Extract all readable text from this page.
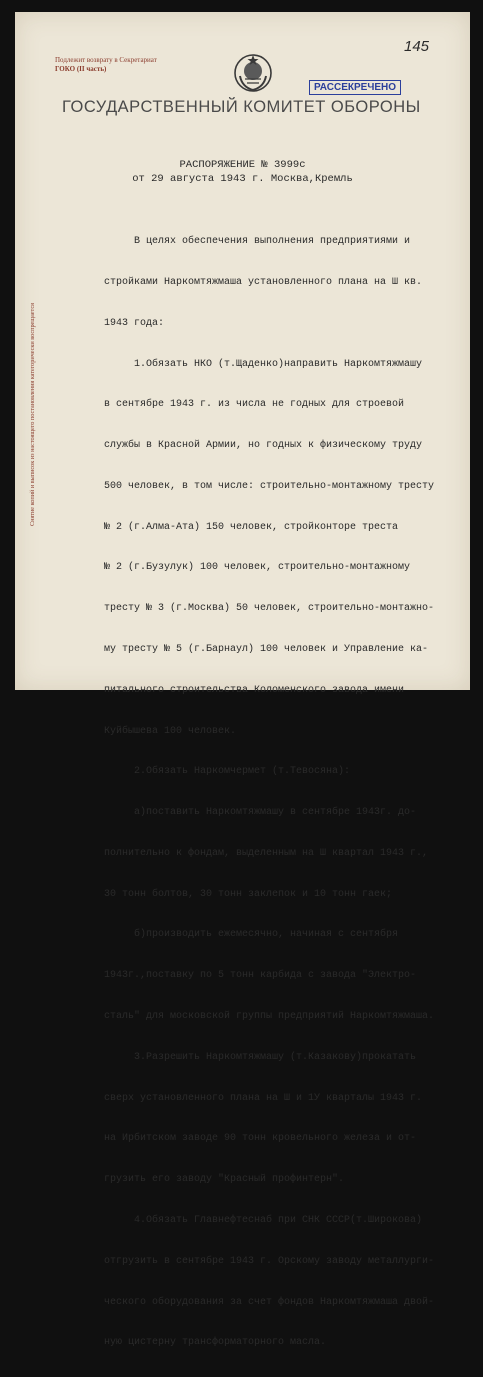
Подлежит возврату в Секретариат
ГОКО (II часть)
145
РАССЕКРЕЧЕНО
ГОСУДАРСТВЕННЫЙ КОМИТЕТ ОБОРОНЫ
Снятие копий и выписок из настоящего постановления категорически воспрещается
РАСПОРЯЖЕНИЕ № 3999с
от 29 августа 1943 г. Москва,Кремль

В целях обеспечения выполнения предприятиями и

стройками Наркомтяжмаша установленного плана на Ш кв.

1943 года:

1.Обязать НКО (т.Щаденко)направить Наркомтяжмашу

в сентябре 1943 г. из числа не годных для строевой

службы в Красной Армии, но годных к физическому труду

500 человек, в том числе: строительно-монтажному тресту

№ 2 (г.Алма-Ата) 150 человек, стройконторе треста

№ 2 (г.Бузулук) 100 человек, строительно-монтажному

тресту № 3 (г.Москва) 50 человек, строительно-монтажно-

му тресту № 5 (г.Барнаул) 100 человек и Управление ка-

питального строительства Коломенского завода имени

Куйбышева 100 человек.

2.Обязать Наркомчермет (т.Тевосяна):

а)поставить Наркомтяжмашу в сентябре 1943г. до-

полнительно к фондам, выделенным на Ш квартал 1943 г.,

30 тонн болтов, 30 тонн заклепок и 10 тонн гаек;

б)производить ежемесячно, начиная с сентября

1943г.,поставку по 5 тонн карбида с завода "Электро-

сталь" для московской группы предприятий Наркомтяжмаша.

3.Разрешить Наркомтяжмашу (т.Казакову)прокатать

сверх установленного плана на Ш и 1У кварталы 1943 г.

на Ирбитском заводе 90 тонн кровельного железа и от-

грузить его заводу "Красный профинтерн".

4.Обязать Главнефтеснаб при СНК СССР(т.Широкова)

отгрузить в сентябре 1943 г. Орскому заводу металлурги-

ческого оборудования за счет фондов Наркомтяжмаша двой-

ную цистерну трансформаторного масла.
